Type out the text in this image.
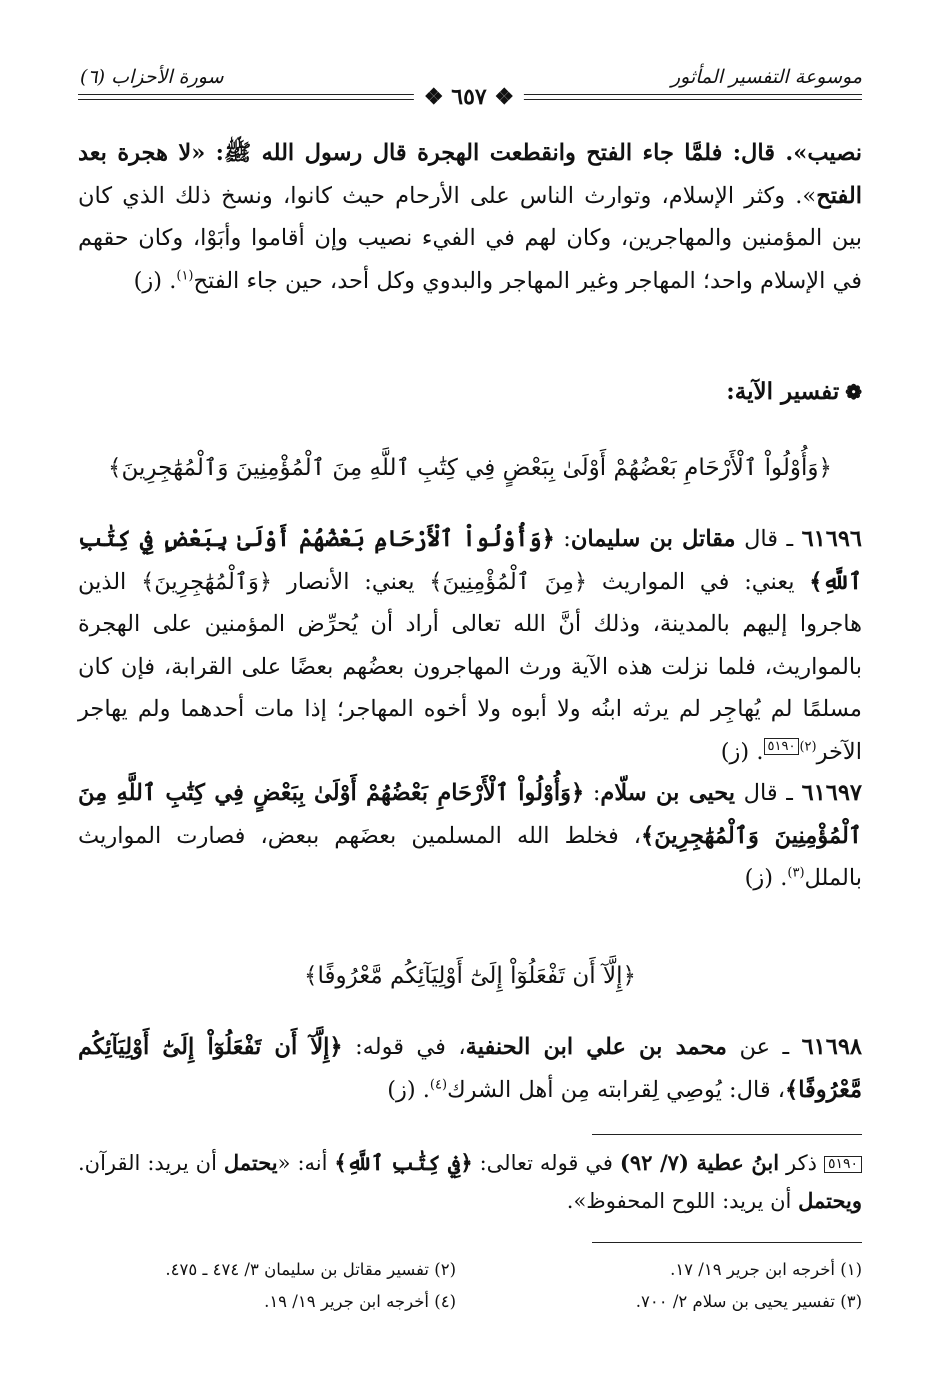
موسوعة التفسير المأثور
سورة الأحزاب (٦)
❖ ٦٥٧ ❖
نصيب». قال: فلمَّا جاء الفتح وانقطعت الهجرة قال رسول الله ﷺ: «لا هجرة بعد الفتح». وكثر الإسلام، وتوارث الناس على الأرحام حيث كانوا، ونسخ ذلك الذي كان بين المؤمنين والمهاجرين، وكان لهم في الفيء نصيب وإن أقاموا وأبَوْا، وكان حقهم في الإسلام واحد؛ المهاجر وغير المهاجر والبدوي وكل أحد، حين جاء الفتح$^{(١)}$. (ز)
❁تفسير الآية:
﴿وَأُوْلُواْ ٱلْأَرْحَامِ بَعْضُهُمْ أَوْلَىٰ بِبَعْضٍ فِي كِتَٰبِ ٱللَّهِ مِنَ ٱلْمُؤْمِنِينَ وَٱلْمُهَٰجِرِينَ﴾
٦١٦٩٦ ـ قال مقاتل بن سليمان: ﴿وَأُوْلُواْ ٱلْأَرْحَامِ بَعْضُهُمْ أَوْلَىٰ بِبَعْضٍ فِي كِتَٰبِ ٱللَّهِ﴾ يعني: في المواريث ﴿مِنَ ٱلْمُؤْمِنِينَ﴾ يعني: الأنصار ﴿وَٱلْمُهَٰجِرِينَ﴾ الذين هاجروا إليهم بالمدينة، وذلك أنَّ الله تعالى أراد أن يُحرِّض المؤمنين على الهجرة بالمواريث، فلما نزلت هذه الآية ورث المهاجرون بعضُهم بعضًا على القرابة، فإن كان مسلمًا لم يُهاجِر لم يرثه ابنُه ولا أبوه ولا أخوه المهاجر؛ إذا مات أحدهما ولم يهاجر الآخر$^{(٢)}$٥١٩٠. (ز)
٦١٦٩٧ ـ قال يحيى بن سلّام: ﴿وَأُوْلُواْ ٱلْأَرْحَامِ بَعْضُهُمْ أَوْلَىٰ بِبَعْضٍ فِي كِتَٰبِ ٱللَّهِ مِنَ ٱلْمُؤْمِنِينَ وَٱلْمُهَٰجِرِينَ﴾، فخلط الله المسلمين بعضَهم ببعض، فصارت المواريث بالملل$^{(٣)}$. (ز)
﴿إِلَّآ أَن تَفْعَلُوٓاْ إِلَىٰٓ أَوْلِيَآئِكُم مَّعْرُوفًا﴾
٦١٦٩٨ ـ عن محمد بن علي ابن الحنفية، في قوله: ﴿إِلَّآ أَن تَفْعَلُوٓاْ إِلَىٰٓ أَوْلِيَآئِكُم مَّعْرُوفًا﴾، قال: يُوصِي لِقرابته مِن أهل الشرك$^{(٤)}$. (ز)
٥١٩٠ ذكر ابنُ عطية (٧/ ٩٢) في قوله تعالى: ﴿فِي كِتَٰبِ ٱللَّهِ﴾ أنه: «يحتمل أن يريد: القرآن. ويحتمل أن يريد: اللوح المحفوظ».
(١) أخرجه ابن جرير ١٩/ ١٧.
(٢) تفسير مقاتل بن سليمان ٣/ ٤٧٤ ـ ٤٧٥.
(٣) تفسير يحيى بن سلام ٢/ ٧٠٠.
(٤) أخرجه ابن جرير ١٩/ ١٩.
